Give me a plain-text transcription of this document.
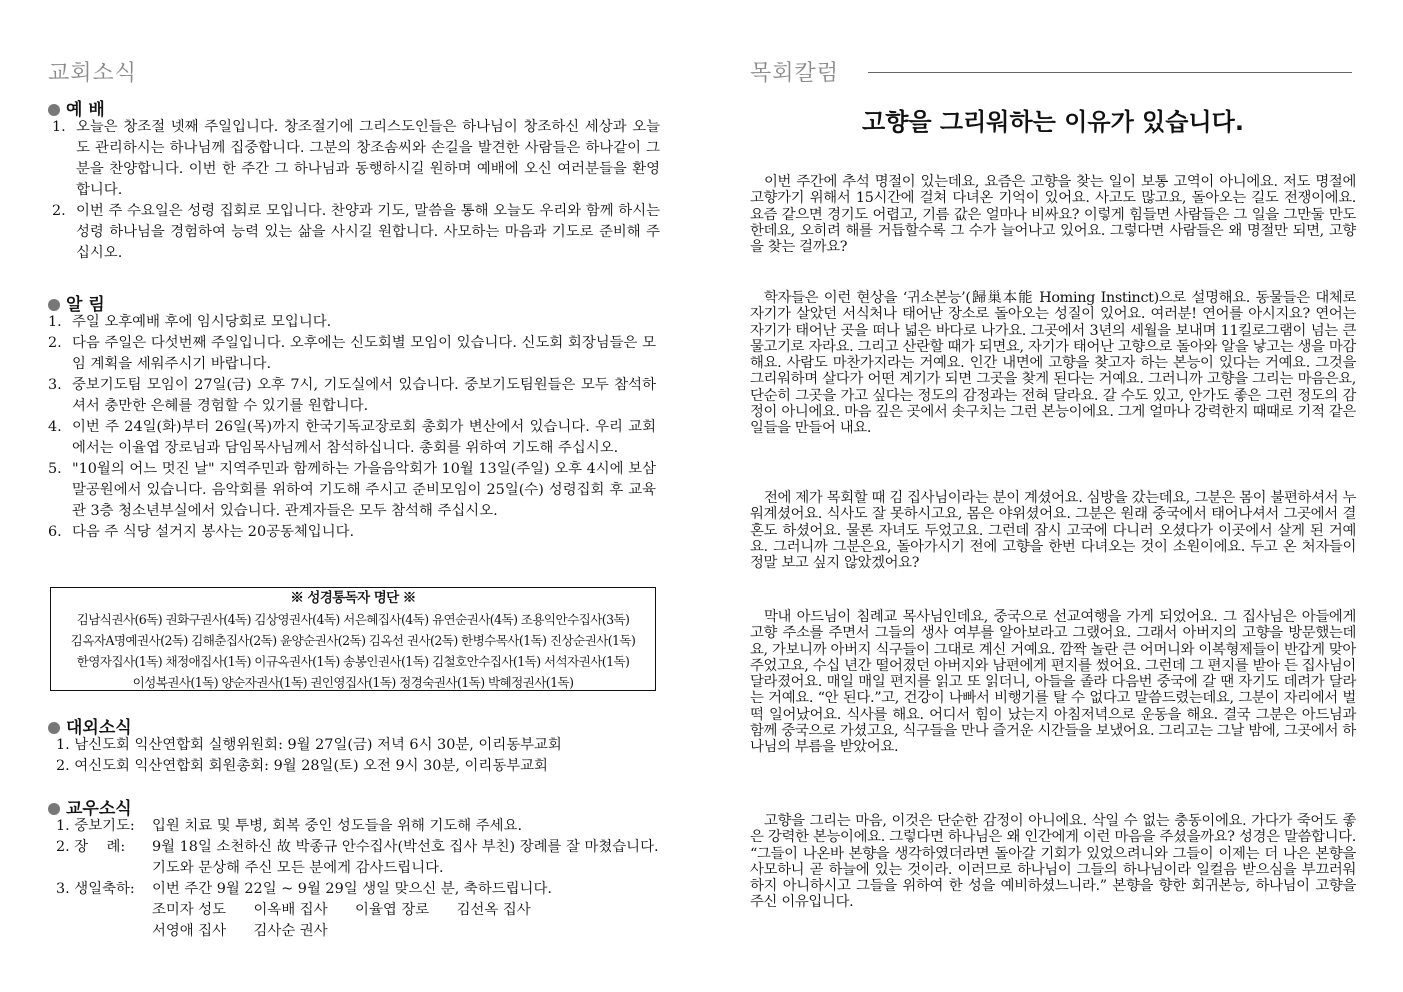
교회소식
예 배
1. 오늘은 창조절 넷째 주일입니다. 창조절기에 그리스도인들은 하나님이 창조하신 세상과 오늘도 관리하시는 하나님께 집중합니다. 그분의 창조솜씨와 손길을 발견한 사람들은 하나같이 그분을 찬양합니다. 이번 한 주간 그 하나님과 동행하시길 원하며 예배에 오신 여러분들을 환영합니다.
2. 이번 주 수요일은 성령 집회로 모입니다. 찬양과 기도, 말씀을 통해 오늘도 우리와 함께 하시는 성령 하나님을 경험하여 능력 있는 삶을 사시길 원합니다. 사모하는 마음과 기도로 준비해 주십시오.
알 림
1. 주일 오후예배 후에 임시당회로 모입니다.
2. 다음 주일은 다섯번째 주일입니다. 오후에는 신도회별 모임이 있습니다. 신도회 회장님들은 모임 계획을 세워주시기 바랍니다.
3. 중보기도팀 모임이 27일(금) 오후 7시, 기도실에서 있습니다. 중보기도팀원들은 모두 참석하셔서 충만한 은혜를 경험할 수 있기를 원합니다.
4. 이번 주 24일(화)부터 26일(목)까지 한국기독교장로회 총회가 변산에서 있습니다. 우리 교회에서는 이율엽 장로님과 담임목사님께서 참석하십니다. 총회를 위하여 기도해 주십시오.
5. "10월의 어느 멋진 날" 지역주민과 함께하는 가을음악회가 10월 13일(주일) 오후 4시에 보삼말공원에서 있습니다. 음악회를 위하여 기도해 주시고 준비모임이 25일(수) 성령집회 후 교육관 3층 청소년부실에서 있습니다. 관계자들은 모두 참석해 주십시오.
6. 다음 주 식당 설거지 봉사는 20공동체입니다.
※ 성경통독자 명단 ※
김남식권사(6독) 권화구권사(4독) 김상영권사(4독) 서은혜집사(4독) 유연순권사(4독) 조용익안수집사(3독)
김옥자A명예권사(2독) 김해춘집사(2독) 윤양순권사(2독) 김옥선 권사(2독) 한병수목사(1독) 진상순권사(1독)
한영자집사(1독) 채정애집사(1독) 이규옥권사(1독) 송봉인권사(1독) 김철호안수집사(1독) 서석자권사(1독)
이성복권사(1독) 양순자권사(1독) 권인영집사(1독) 정경숙권사(1독) 박혜정권사(1독)
대외소식
1. 남신도회 익산연합회 실행위원회: 9월 27일(금) 저녁 6시 30분, 이리동부교회
2. 여신도회 익산연합회 회원총회: 9월 28일(토) 오전 9시 30분, 이리동부교회
교우소식
1. 중보기도: 입원 치료 및 투병, 회복 중인 성도들을 위해 기도해 주세요.
2. 장    례: 9월 18일 소천하신 故 박종규 안수집사(박선호 집사 부친) 장례를 잘 마쳤습니다. 기도와 문상해 주신 모든 분에게 감사드립니다.
3. 생일축하: 이번 주간 9월 22일 ~ 9월 29일 생일 맞으신 분, 축하드립니다.
조미자 성도      이옥배 집사      이율엽 장로      김선옥 집사
서영애 집사      김사순 권사
목회칼럼
고향을 그리워하는 이유가 있습니다.
이번 주간에 추석 명절이 있는데요, 요즘은 고향을 찾는 일이 보통 고역이 아니에요. 저도 명절에 고향가기 위해서 15시간에 걸쳐 다녀온 기억이 있어요. 사고도 많고요, 돌아오는 길도 전쟁이에요. 요즘 같으면 경기도 어렵고, 기름 값은 얼마나 비싸요? 이렇게 힘들면 사람들은 그 일을 그만둘 만도 한데요, 오히려 해를 거듭할수록 그 수가 늘어나고 있어요. 그렇다면 사람들은 왜 명절만 되면, 고향을 찾는 걸까요?
학자들은 이런 현상을 ‘귀소본능’(歸巢本能 Homing Instinct)으로 설명해요. 동물들은 대체로 자기가 살았던 서식처나 태어난 장소로 돌아오는 성질이 있어요. 여러분! 연어를 아시지요? 연어는 자기가 태어난 곳을 떠나 넓은 바다로 나가요. 그곳에서 3년의 세월을 보내며 11킬로그램이 넘는 큰 물고기로 자라요. 그리고 산란할 때가 되면요, 자기가 태어난 고향으로 돌아와 알을 낳고는 생을 마감해요. 사람도 마찬가지라는 거예요. 인간 내면에 고향을 찾고자 하는 본능이 있다는 거예요. 그것을 그리워하며 살다가 어떤 계기가 되면 그곳을 찾게 된다는 거예요. 그러니까 고향을 그리는 마음은요, 단순히 그곳을 가고 싶다는 정도의 감정과는 전혀 달라요. 갈 수도 있고, 안가도 좋은 그런 정도의 감정이 아니에요. 마음 깊은 곳에서 솟구치는 그런 본능이에요. 그게 얼마나 강력한지 때때로 기적 같은 일들을 만들어 내요.
전에 제가 목회할 때 김 집사님이라는 분이 계셨어요. 심방을 갔는데요, 그분은 몸이 불편하셔서 누워계셨어요. 식사도 잘 못하시고요, 몸은 야위셨어요. 그분은 원래 중국에서 태어나셔서 그곳에서 결혼도 하셨어요. 물론 자녀도 두었고요. 그런데 잠시 고국에 다니러 오셨다가 이곳에서 살게 된 거예요. 그러니까 그분은요, 돌아가시기 전에 고향을 한번 다녀오는 것이 소원이에요. 두고 온 처자들이 정말 보고 싶지 않았겠어요?
막내 아드님이 침례교 목사님인데요, 중국으로 선교여행을 가게 되었어요. 그 집사님은 아들에게 고향 주소를 주면서 그들의 생사 여부를 알아보라고 그랬어요. 그래서 아버지의 고향을 방문했는데요, 가보니까 아버지 식구들이 그대로 계신 거예요. 깜짝 놀란 큰 어머니와 이복형제들이 반갑게 맞아주었고요, 수십 년간 떨어졌던 아버지와 남편에게 편지를 썼어요. 그런데 그 편지를 받아 든 집사님이 달라졌어요. 매일 매일 편지를 읽고 또 읽더니, 아들을 졸라 다음번 중국에 갈 땐 자기도 데려가 달라는 거예요. “안 된다.”고, 건강이 나빠서 비행기를 탈 수 없다고 말씀드렸는데요, 그분이 자리에서 벌떡 일어났어요. 식사를 해요. 어디서 힘이 났는지 아침저녁으로 운동을 해요. 결국 그분은 아드님과 함께 중국으로 가셨고요, 식구들을 만나 즐거운 시간들을 보냈어요. 그리고는 그날 밤에, 그곳에서 하나님의 부름을 받았어요.
고향을 그리는 마음, 이것은 단순한 감정이 아니에요. 삭일 수 없는 충동이에요. 가다가 죽어도 좋은 강력한 본능이에요. 그렇다면 하나님은 왜 인간에게 이런 마음을 주셨을까요? 성경은 말씀합니다. “그들이 나온바 본향을 생각하였더라면 돌아갈 기회가 있었으려니와 그들이 이제는 더 나은 본향을 사모하니 곧 하늘에 있는 것이라. 이러므로 하나님이 그들의 하나님이라 일컬음 받으심을 부끄러워하지 아니하시고 그들을 위하여 한 성을 예비하셨느니라.” 본향을 향한 회귀본능, 하나님이 고향을 주신 이유입니다.
